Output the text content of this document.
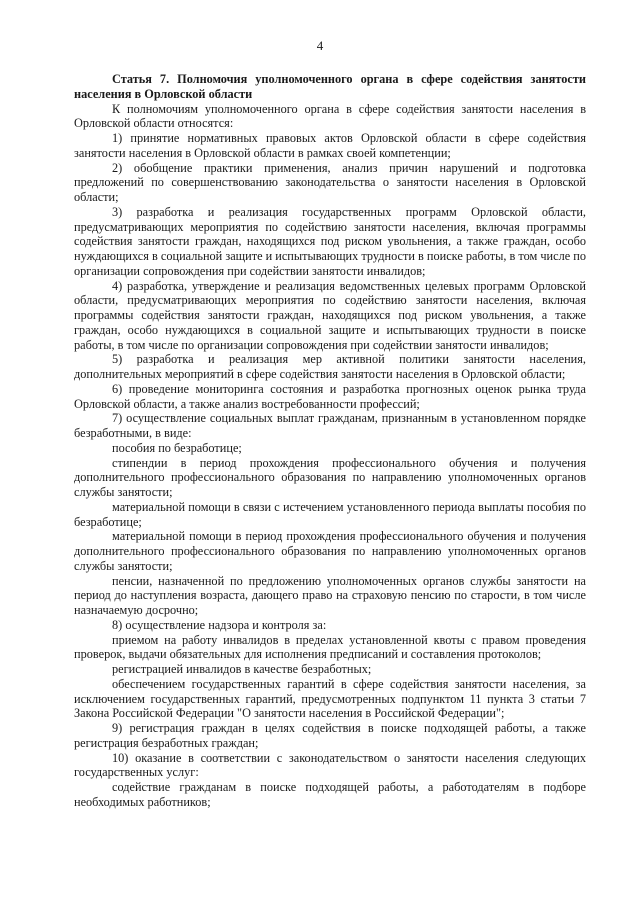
4

Статья 7. Полномочия уполномоченного органа в сфере содействия занятости населения в Орловской области

К полномочиям уполномоченного органа в сфере содействия занятости населения в Орловской области относятся:

1) принятие нормативных правовых актов Орловской области в сфере содействия занятости населения в Орловской области в рамках своей компетенции;

2) обобщение практики применения, анализ причин нарушений и подготовка предложений по совершенствованию законодательства о занятости населения в Орловской области;

3) разработка и реализация государственных программ Орловской области, предусматривающих мероприятия по содействию занятости населения, включая программы содействия занятости граждан, находящихся под риском увольнения, а также граждан, особо нуждающихся в социальной защите и испытывающих трудности в поиске работы, в том числе по организации сопровождения при содействии занятости инвалидов;

4) разработка, утверждение и реализация ведомственных целевых программ Орловской области, предусматривающих мероприятия по содействию занятости населения, включая программы содействия занятости граждан, находящихся под риском увольнения, а также граждан, особо нуждающихся в социальной защите и испытывающих трудности в поиске работы, в том числе по организации сопровождения при содействии занятости инвалидов;

5) разработка и реализация мер активной политики занятости населения, дополнительных мероприятий в сфере содействия занятости населения в Орловской области;

6) проведение мониторинга состояния и разработка прогнозных оценок рынка труда Орловской области, а также анализ востребованности профессий;

7) осуществление социальных выплат гражданам, признанным в установленном порядке безработными, в виде:

пособия по безработице;

стипендии в период прохождения профессионального обучения и получения дополнительного профессионального образования по направлению уполномоченных органов службы занятости;

материальной помощи в связи с истечением установленного периода выплаты пособия по безработице;

материальной помощи в период прохождения профессионального обучения и получения дополнительного профессионального образования по направлению уполномоченных органов службы занятости;

пенсии, назначенной по предложению уполномоченных органов службы занятости на период до наступления возраста, дающего право на страховую пенсию по старости, в том числе назначаемую досрочно;

8) осуществление надзора и контроля за:

приемом на работу инвалидов в пределах установленной квоты с правом проведения проверок, выдачи обязательных для исполнения предписаний и составления протоколов;

регистрацией инвалидов в качестве безработных;

обеспечением государственных гарантий в сфере содействия занятости населения, за исключением государственных гарантий, предусмотренных подпунктом 11 пункта 3 статьи 7 Закона Российской Федерации "О занятости населения в Российской Федерации";

9) регистрация граждан в целях содействия в поиске подходящей работы, а также регистрация безработных граждан;

10) оказание в соответствии с законодательством о занятости населения следующих государственных услуг:

содействие гражданам в поиске подходящей работы, а работодателям в подборе необходимых работников;
